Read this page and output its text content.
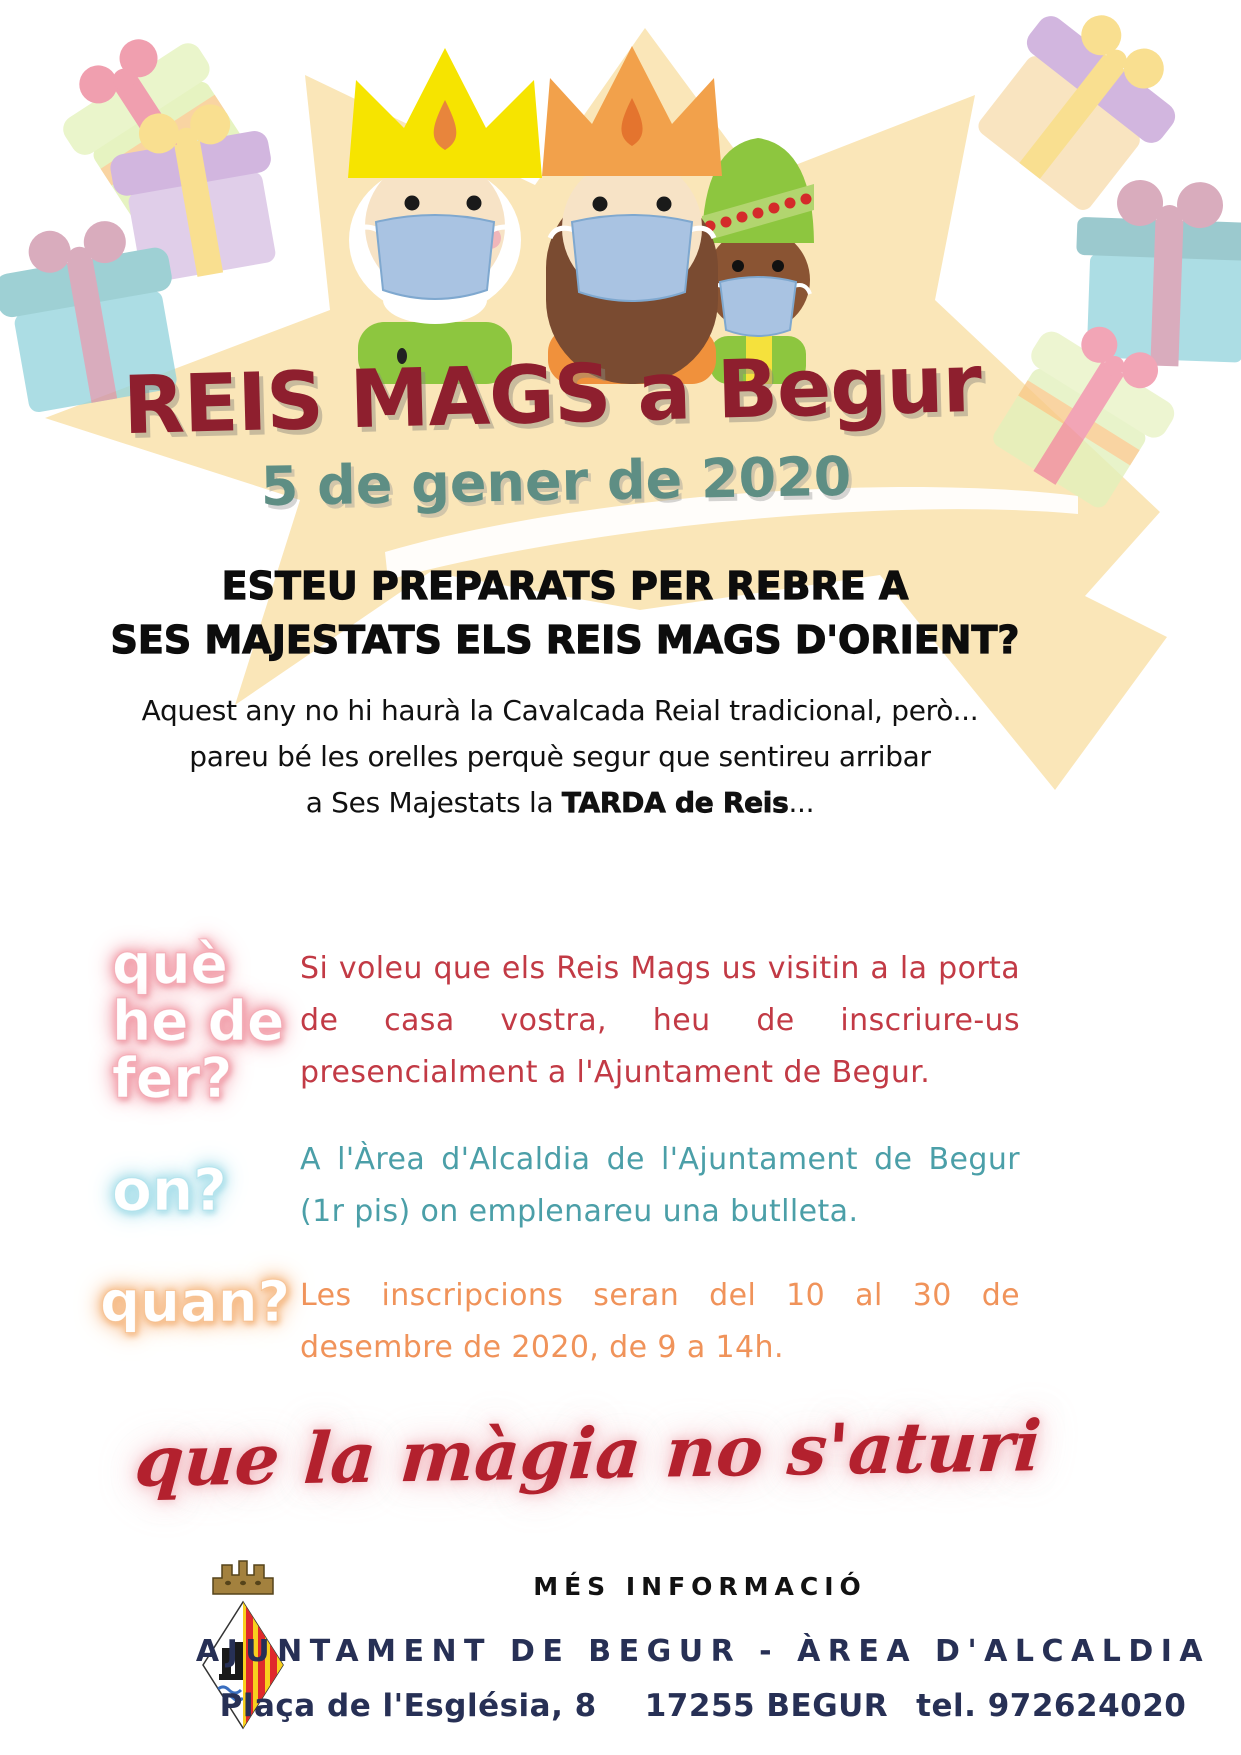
REIS MAGS a Begur
5 de gener de 2020
ESTEU PREPARATS PER REBRE A
SES MAJESTATS ELS REIS MAGS D'ORIENT?
Aquest any no hi haurà la Cavalcada Reial tradicional, però...
pareu bé les orelles perquè segur que sentireu arribar
a Ses Majestats la TARDA de Reis...
què
he de
fer?
Si voleu que els Reis Mags us visitin a la porta de casa vostra, heu de inscriure-us presencialment a l'Ajuntament de Begur.
on? A l'Àrea d'Alcaldia de l'Ajuntament de Begur (1r pis) on emplenareu una butlleta.
quan? Les inscripcions seran del 10 al 30 de desembre de 2020, de 9 a 14h.
que la màgia no s'aturi
MÉS INFORMACIÓ
AJUNTAMENT DE BEGUR - ÀREA D'ALCALDIA
Plaça de l'Església, 8 17255 BEGUR tel. 972624020
